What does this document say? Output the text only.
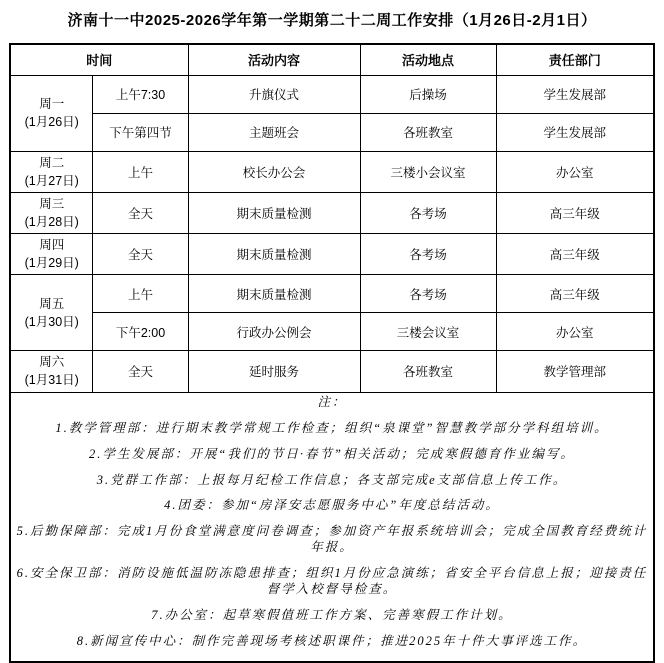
济南十一中2025-2026学年第一学期第二十二周工作安排（1月26日-2月1日）
时间		活动内容	活动地点	责任部门

周一
(1月26日)	上午7:30	升旗仪式	后操场	学生发展部
	下午第四节	主题班会	各班教室	学生发展部

周二
(1月27日)	上午	校长办公会	三楼小会议室	办公室

周三
(1月28日)	全天	期末质量检测	各考场	高三年级

周四
(1月29日)	全天	期末质量检测	各考场	高三年级

周五
(1月30日)	上午	期末质量检测	各考场	高三年级
	下午2:00	行政办公例会	三楼会议室	办公室

周六
(1月31日)	全天	延时服务	各班教室	教学管理部

注：
1.教学管理部：进行期末教学常规工作检查；组织“泉课堂”智慧教学部分学科组培训。
2.学生发展部：开展“我们的节日·春节”相关活动；完成寒假德育作业编写。
3.党群工作部：上报每月纪检工作信息；各支部完成e支部信息上传工作。
4.团委：参加“房泽安志愿服务中心”年度总结活动。
5.后勤保障部：完成1月份食堂满意度问卷调查；参加资产年报系统培训会；完成全国教育经费统计年报。
6.安全保卫部：消防设施低温防冻隐患排查；组织1月份应急演练；省安全平台信息上报；迎接责任督学入校督导检查。
7.办公室：起草寒假值班工作方案、完善寒假工作计划。
8.新闻宣传中心：制作完善现场考核述职课件；推进2025年十件大事评选工作。
